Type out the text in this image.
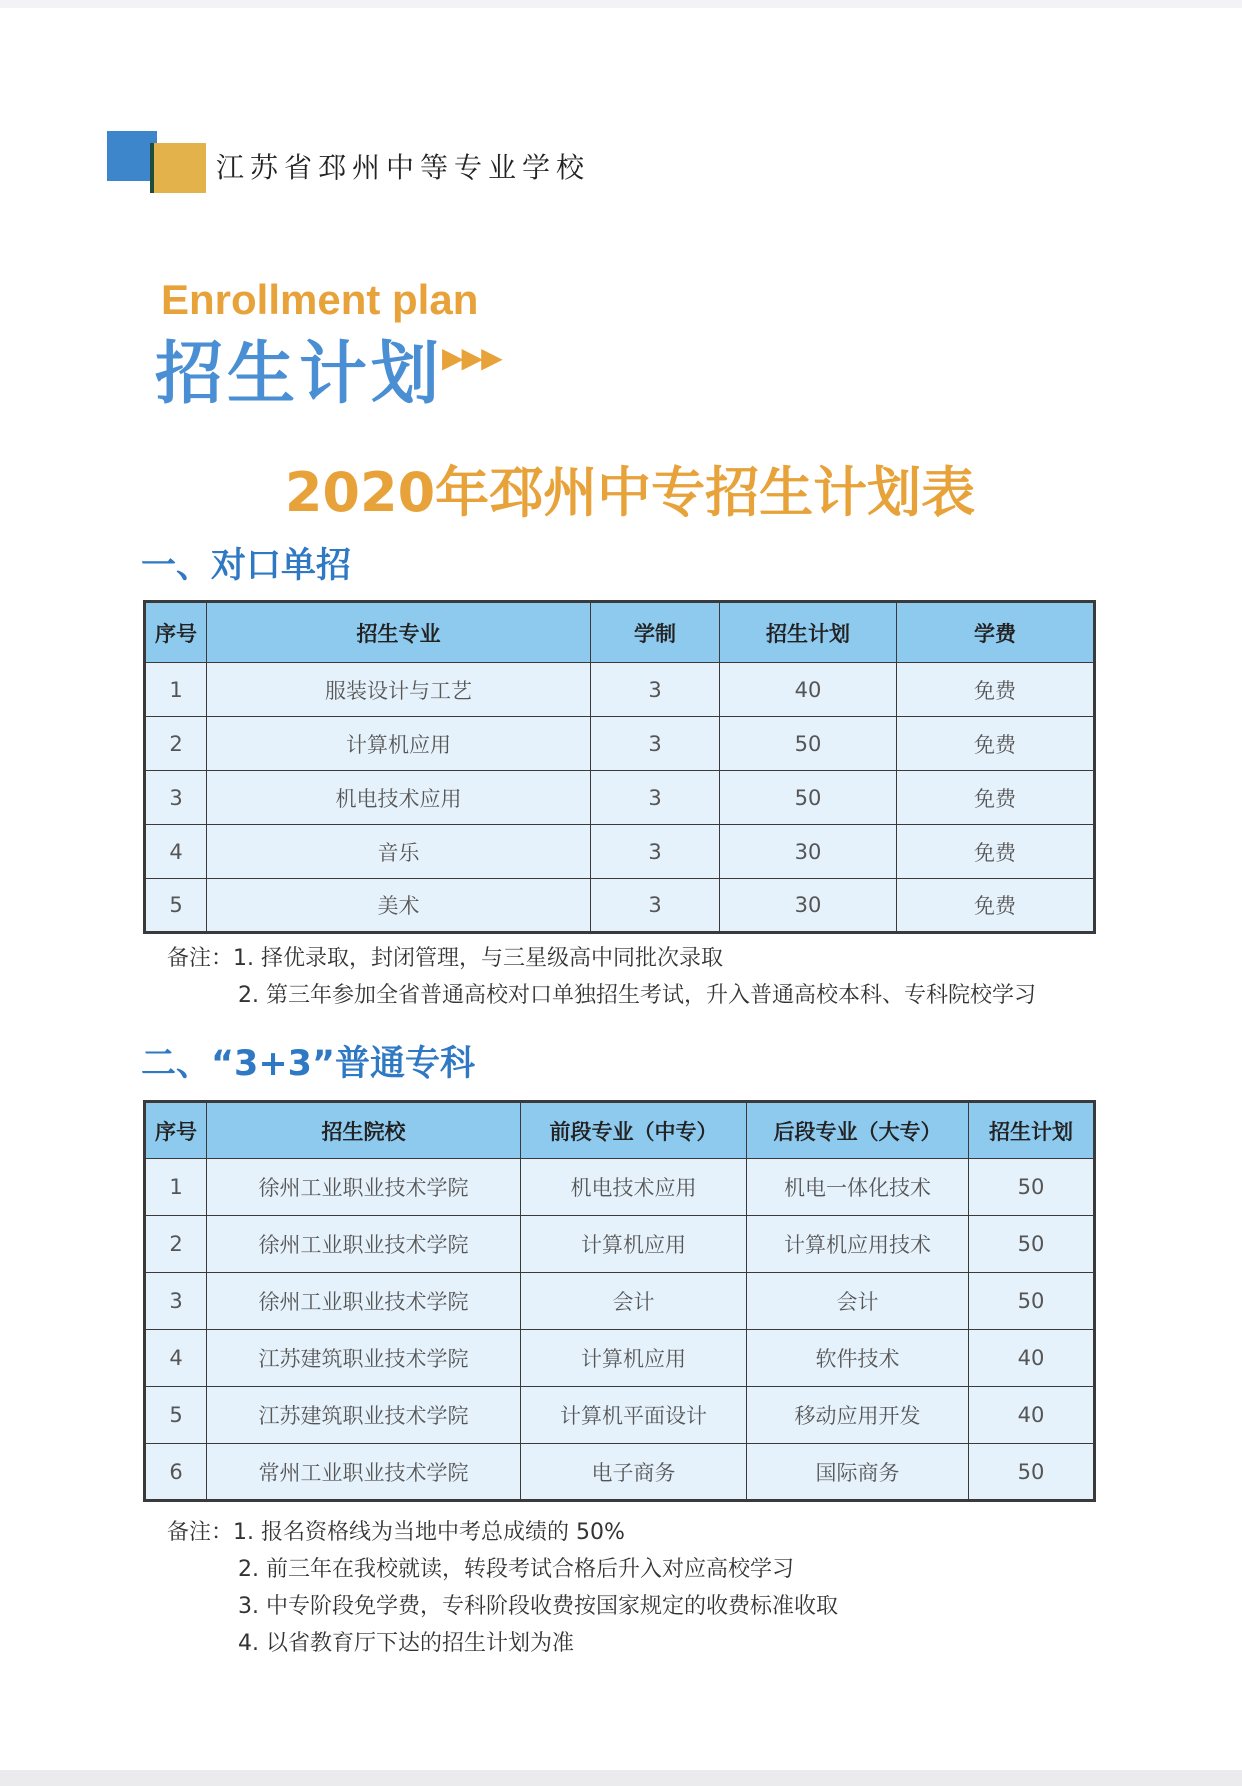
江苏省邳州中等专业学校
Enrollment plan
招生计划
▶▶▶
2020年邳州中专招生计划表
一、对口单招
序号	招生专业	学制	招生计划	学费
1	服装设计与工艺	3	40	免费
2	计算机应用	3	50	免费
3	机电技术应用	3	50	免费
4	音乐	3	30	免费
5	美术	3	30	免费
备注：1. 择优录取，封闭管理，与三星级高中同批次录取
2. 第三年参加全省普通高校对口单独招生考试，升入普通高校本科、专科院校学习
二、“3+3”普通专科
序号	招生院校	前段专业（中专）	后段专业（大专）	招生计划
1	徐州工业职业技术学院	机电技术应用	机电一体化技术	50
2	徐州工业职业技术学院	计算机应用	计算机应用技术	50
3	徐州工业职业技术学院	会计	会计	50
4	江苏建筑职业技术学院	计算机应用	软件技术	40
5	江苏建筑职业技术学院	计算机平面设计	移动应用开发	40
6	常州工业职业技术学院	电子商务	国际商务	50
备注：1. 报名资格线为当地中考总成绩的 50%
2. 前三年在我校就读，转段考试合格后升入对应高校学习
3. 中专阶段免学费，专科阶段收费按国家规定的收费标准收取
4. 以省教育厅下达的招生计划为准
